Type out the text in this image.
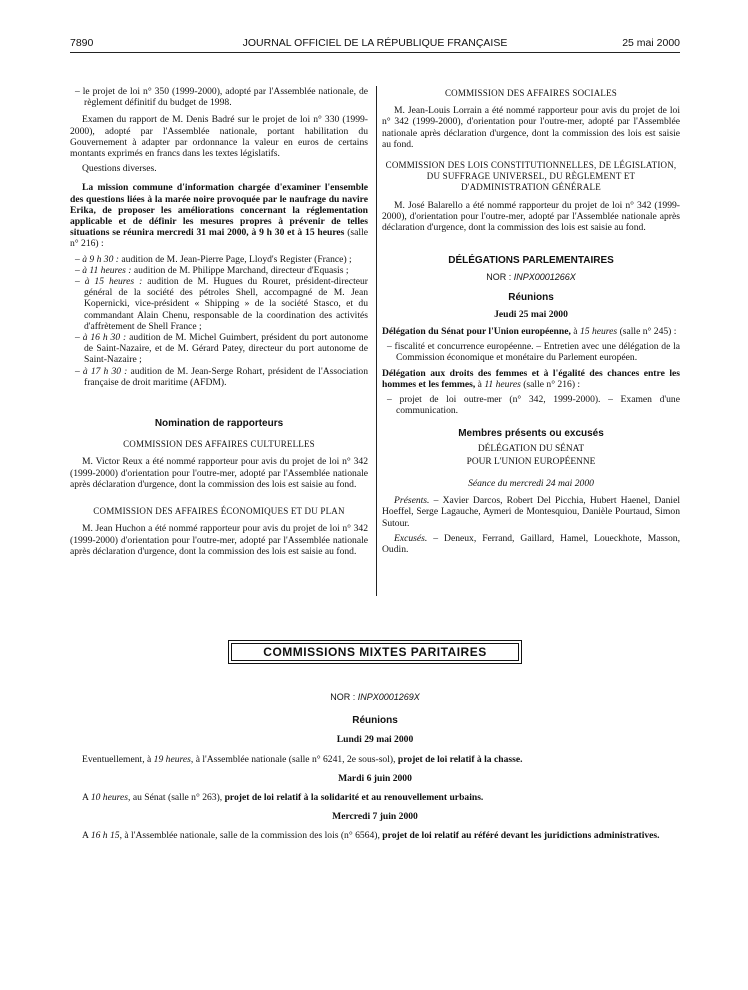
7890	JOURNAL OFFICIEL DE LA RÉPUBLIQUE FRANÇAISE	25 mai 2000
– le projet de loi n° 350 (1999-2000), adopté par l'Assemblée nationale, de règlement définitif du budget de 1998.

Examen du rapport de M. Denis Badré sur le projet de loi n° 330 (1999-2000), adopté par l'Assemblée nationale, portant habilitation du Gouvernement à adapter par ordonnance la valeur en euros de certains montants exprimés en francs dans les textes législatifs.

Questions diverses.

La mission commune d'information chargée d'examiner l'ensemble des questions liées à la marée noire provoquée par le naufrage du navire Erika, de proposer les améliorations concernant la réglementation applicable et de définir les mesures propres à prévenir de telles situations se réunira mercredi 31 mai 2000, à 9 h 30 et à 15 heures (salle n° 216) :

– à 9 h 30 : audition de M. Jean-Pierre Page, Lloyd's Register (France) ;
– à 11 heures : audition de M. Philippe Marchand, directeur d'Equasis ;
– à 15 heures : audition de M. Hugues du Rouret, président-directeur général de la société des pétroles Shell, accompagné de M. Jean Kopernicki, vice-président « Shipping » de la société Stasco, et du commandant Alain Chenu, responsable de la coordination des activités d'affrètement de Shell France ;
– à 16 h 30 : audition de M. Michel Guimbert, président du port autonome de Saint-Nazaire, et de M. Gérard Patey, directeur du port autonome de Saint-Nazaire ;
– à 17 h 30 : audition de M. Jean-Serge Rohart, président de l'Association française de droit maritime (AFDM).
Nomination de rapporteurs
COMMISSION DES AFFAIRES CULTURELLES

M. Victor Reux a été nommé rapporteur pour avis du projet de loi n° 342 (1999-2000) d'orientation pour l'outre-mer, adopté par l'Assemblée nationale après déclaration d'urgence, dont la commission des lois est saisie au fond.

COMMISSION DES AFFAIRES ÉCONOMIQUES ET DU PLAN

M. Jean Huchon a été nommé rapporteur pour avis du projet de loi n° 342 (1999-2000) d'orientation pour l'outre-mer, adopté par l'Assemblée nationale après déclaration d'urgence, dont la commission des lois est saisie au fond.

COMMISSION DES AFFAIRES SOCIALES

M. Jean-Louis Lorrain a été nommé rapporteur pour avis du projet de loi n° 342 (1999-2000), d'orientation pour l'outre-mer, adopté par l'Assemblée nationale après déclaration d'urgence, dont la commission des lois est saisie au fond.

COMMISSION DES LOIS CONSTITUTIONNELLES, DE LÉGISLATION, DU SUFFRAGE UNIVERSEL, DU RÈGLEMENT ET D'ADMINISTRATION GÉNÉRALE

M. José Balarello a été nommé rapporteur du projet de loi n° 342 (1999-2000), d'orientation pour l'outre-mer, adopté par l'Assemblée nationale après déclaration d'urgence, dont la commission des lois est saisie au fond.

DÉLÉGATIONS PARLEMENTAIRES
NOR : INPX0001266X
Réunions
Jeudi 25 mai 2000

Délégation du Sénat pour l'Union européenne, à 15 heures (salle n° 245) :

– fiscalité et concurrence européenne. – Entretien avec une délégation de la Commission économique et monétaire du Parlement européen.

Délégation aux droits des femmes et à l'égalité des chances entre les hommes et les femmes, à 11 heures (salle n° 216) :

– projet de loi outre-mer (n° 342, 1999-2000). – Examen d'une communication.
Membres présents ou excusés
DÉLÉGATION DU SÉNAT
POUR L'UNION EUROPÉENNE
Séance du mercredi 24 mai 2000

Présents. – Xavier Darcos, Robert Del Picchia, Hubert Haenel, Daniel Hoeffel, Serge Lagauche, Aymeri de Montesquiou, Danièle Pourtaud, Simon Sutour.

Excusés. – Deneux, Ferrand, Gaillard, Hamel, Loueckhote, Masson, Oudin.

COMMISSIONS MIXTES PARITAIRES
NOR : INPX0001269X
Réunions
Lundi 29 mai 2000

Eventuellement, à 19 heures, à l'Assemblée nationale (salle n° 6241, 2e sous-sol), projet de loi relatif à la chasse.

Mardi 6 juin 2000

A 10 heures, au Sénat (salle n° 263), projet de loi relatif à la solidarité et au renouvellement urbains.

Mercredi 7 juin 2000

A 16 h 15, à l'Assemblée nationale, salle de la commission des lois (n° 6564), projet de loi relatif au référé devant les juridictions administratives.
